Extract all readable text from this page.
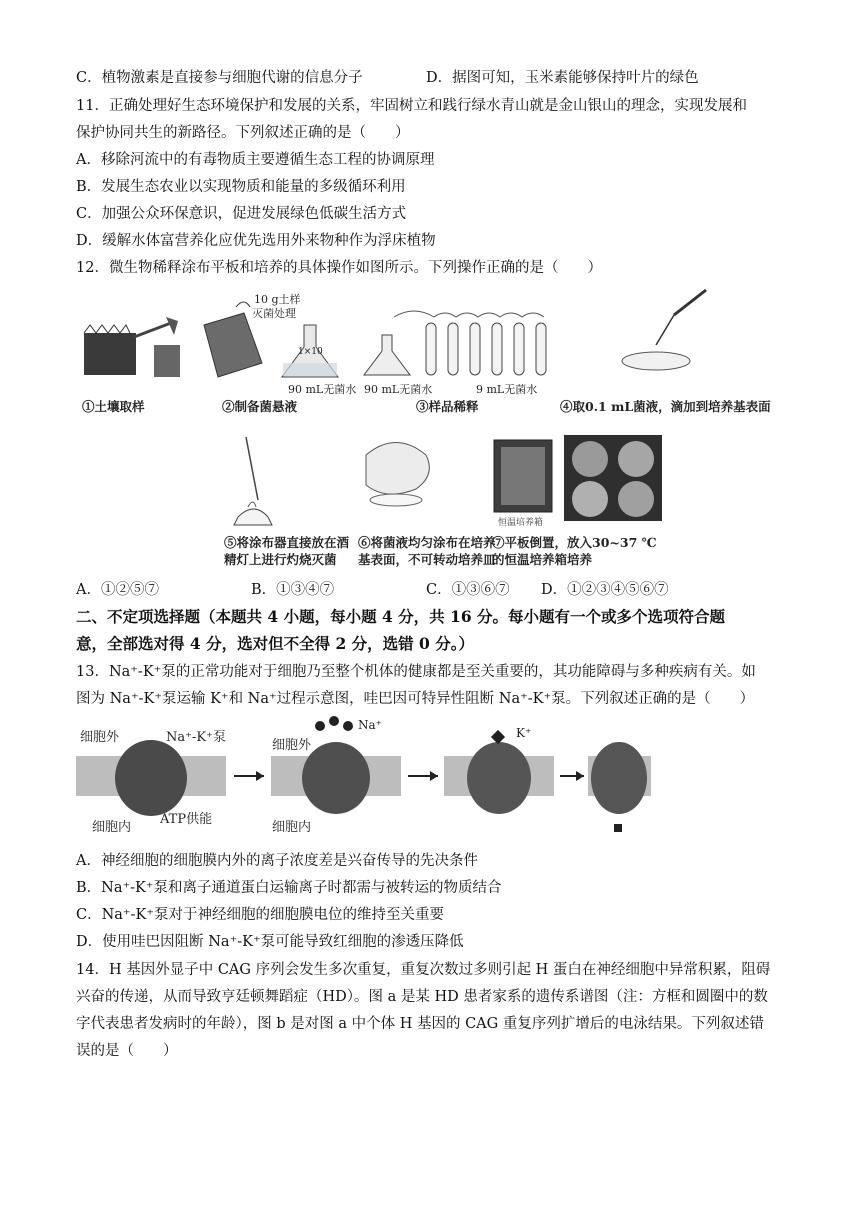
C．植物激素是直接参与细胞代谢的信息分子	D．据图可知，玉米素能够保持叶片的绿色
11．正确处理好生态环境保护和发展的关系，牢固树立和践行绿水青山就是金山银山的理念，实现发展和
保护协同共生的新路径。下列叙述正确的是（　　）
A．移除河流中的有毒物质主要遵循生态工程的协调原理
B．发展生态农业以实现物质和能量的多级循环利用
C．加强公众环保意识，促进发展绿色低碳生活方式
D．缓解水体富营养化应优先选用外来物种作为浮床植物
12．微生物稀释涂布平板和培养的具体操作如图所示。下列操作正确的是（　　）
10 g土样
灭菌处理
1×10
90 mL无菌水 90 mL无菌水	9 mL无菌水
①土壤取样	②制备菌悬液	③样品稀释	④取0.1 mL菌液，滴加到培养基表面
恒温培养箱
⑤将涂布器直接放在酒
精灯上进行灼烧灭菌
⑥将菌液均匀涂布在培养
基表面，不可转动培养皿
⑦平板倒置，放入30~37 ℃
的恒温培养箱培养
A．①②⑤⑦	B．①③④⑦	C．①③⑥⑦ D．①②③④⑤⑥⑦
二、不定项选择题（本题共 4 小题，每小题 4 分，共 16 分。每小题有一个或多个选项符合题
意，全部选对得 4 分，选对但不全得 2 分，选错 0 分。）
13．Na⁺-K⁺泵的正常功能对于细胞乃至整个机体的健康都是至关重要的，其功能障碍与多种疾病有关。如
图为 Na⁺-K⁺泵运输 K⁺和 Na⁺过程示意图，哇巴因可特异性阻断 Na⁺-K⁺泵。下列叙述正确的是（　　）
细胞外	Na⁺-K⁺泵
细胞外
Na⁺
K⁺
细胞内
ATP供能
细胞内
A．神经细胞的细胞膜内外的离子浓度差是兴奋传导的先决条件
B．Na⁺-K⁺泵和离子通道蛋白运输离子时都需与被转运的物质结合
C．Na⁺-K⁺泵对于神经细胞的细胞膜电位的维持至关重要
D．使用哇巴因阻断 Na⁺-K⁺泵可能导致红细胞的渗透压降低
14．H 基因外显子中 CAG 序列会发生多次重复，重复次数过多则引起 H 蛋白在神经细胞中异常积累，阻碍
兴奋的传递，从而导致亨廷顿舞蹈症（HD）。图 a 是某 HD 患者家系的遗传系谱图（注：方框和圆圈中的数
字代表患者发病时的年龄），图 b 是对图 a 中个体 H 基因的 CAG 重复序列扩增后的电泳结果。下列叙述错
误的是（　　）
